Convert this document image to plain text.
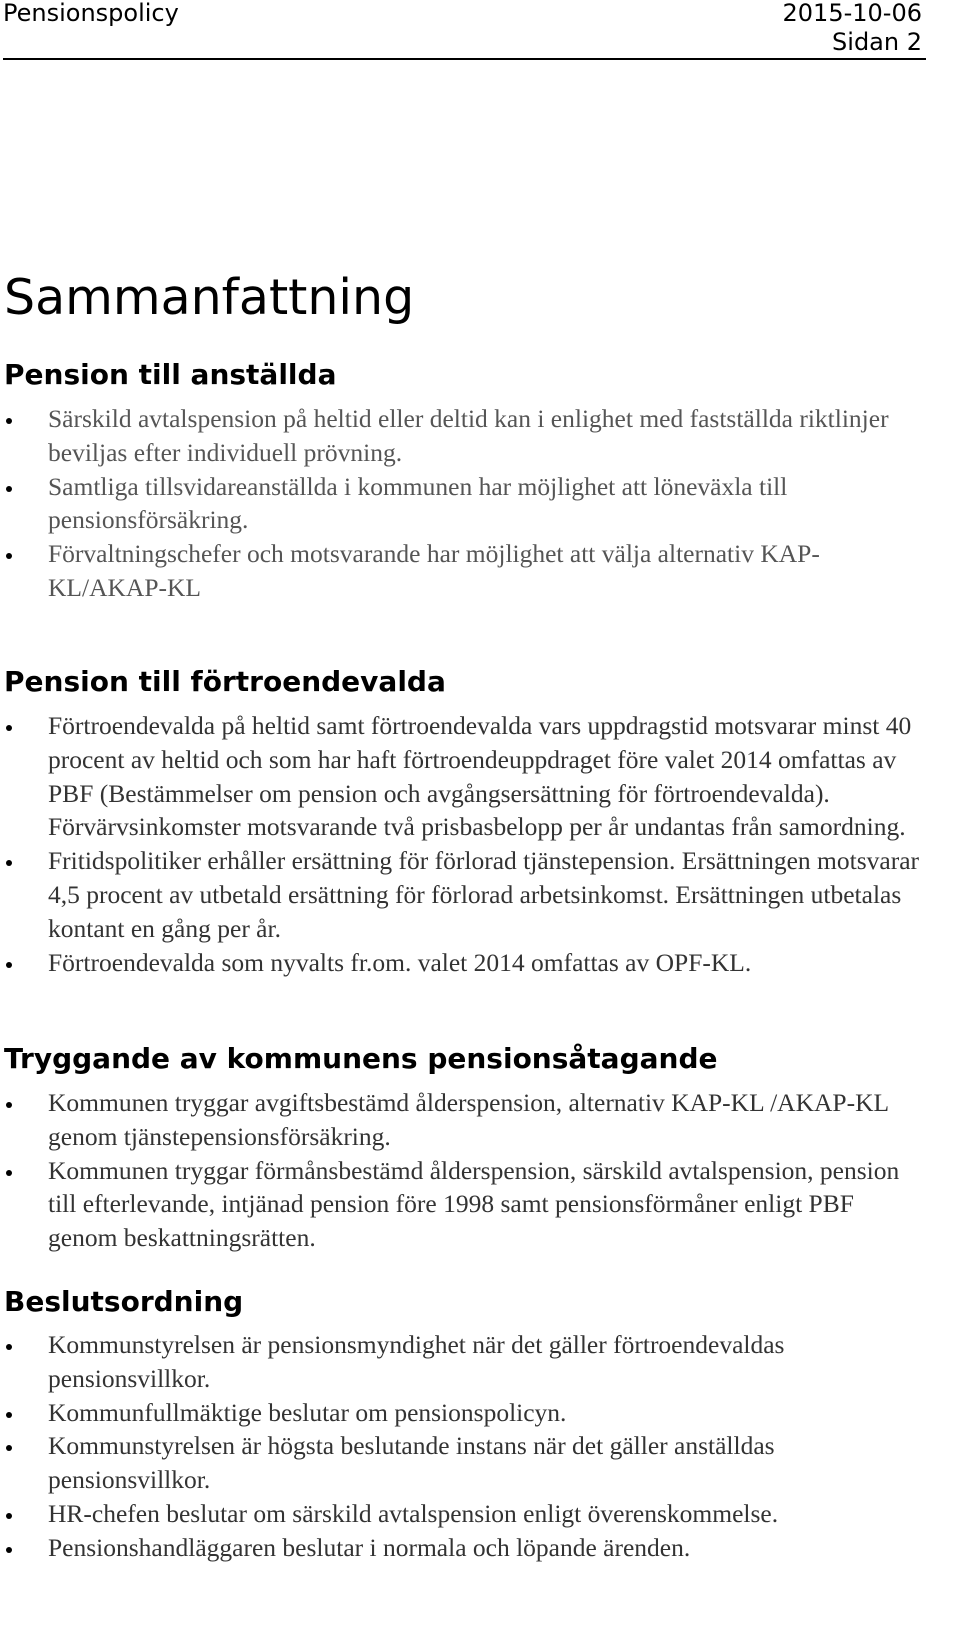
Pensionspolicy	2015-10-06
Sidan 2
Sammanfattning
Pension till anställda
Särskild avtalspension på heltid eller deltid kan i enlighet med fastställda riktlinjer beviljas efter individuell prövning.
Samtliga tillsvidareanställda i kommunen har möjlighet att löneväxla till pensionsförsäkring.
Förvaltningschefer och motsvarande har möjlighet att välja alternativ KAP-KL/AKAP-KL
Pension till förtroendevalda
Förtroendevalda på heltid samt förtroendevalda vars uppdragstid motsvarar minst 40 procent av heltid och som har haft förtroendeuppdraget före valet 2014 omfattas av PBF (Bestämmelser om pension och avgångsersättning för förtroendevalda). Förvärvsinkomster motsvarande två prisbasbelopp per år undantas från samordning.
Fritidspolitiker erhåller ersättning för förlorad tjänstepension. Ersättningen motsvarar 4,5 procent av utbetald ersättning för förlorad arbetsinkomst. Ersättningen utbetalas kontant en gång per år.
Förtroendevalda som nyvalts fr.om. valet 2014 omfattas av OPF-KL.
Tryggande av kommunens pensionsåtagande
Kommunen tryggar avgiftsbestämd ålderspension, alternativ KAP-KL /AKAP-KL genom tjänstepensionsförsäkring.
Kommunen tryggar förmånsbestämd ålderspension, särskild avtalspension, pension till efterlevande, intjänad pension före 1998 samt pensionsförmåner enligt PBF genom beskattningsrätten.
Beslutsordning
Kommunstyrelsen är pensionsmyndighet när det gäller förtroendevaldas pensionsvillkor.
Kommunfullmäktige beslutar om pensionspolicyn.
Kommunstyrelsen är högsta beslutande instans när det gäller anställdas pensionsvillkor.
HR-chefen beslutar om särskild avtalspension enligt överenskommelse.
Pensionshandläggaren beslutar i normala och löpande ärenden.
